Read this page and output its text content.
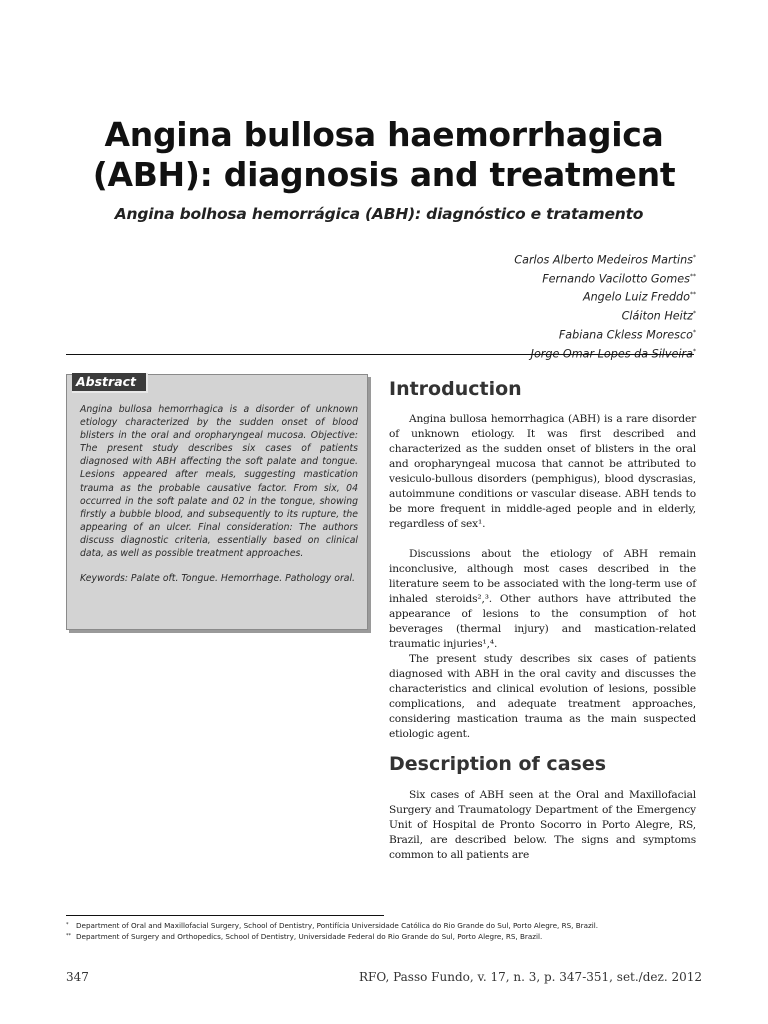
Angina bullosa haemorrhagica
(ABH): diagnosis and treatment
Angina bolhosa hemorrágica (ABH): diagnóstico e tratamento
Carlos Alberto Medeiros Martins*
Fernando Vacilotto Gomes**
Angelo Luiz Freddo**
Cláiton Heitz*
Fabiana Ckless Moresco*
Jorge Omar Lopes da Silveira*
Abstract

Angina bullosa hemorrhagica is a disorder of unknown etiology characterized by the sudden onset of blood blisters in the oral and oropharyngeal mucosa. Objective: The present study describes six cases of patients diagnosed with ABH affecting the soft palate and tongue. Lesions appeared after meals, suggesting mastication trauma as the probable causative factor. From six, 04 occurred in the soft palate and 02 in the tongue, showing firstly a bubble blood, and subsequently to its rupture, the appearing of an ulcer. Final consideration: The authors discuss diagnostic criteria, essentially based on clinical data, as well as possible treatment approaches.

Keywords: Palate oft. Tongue. Hemorrhage. Pathology oral.

Introduction

Angina bullosa hemorrhagica (ABH) is a rare disorder of unknown etiology. It was first described and characterized as the sudden onset of blisters in the oral and oropharyngeal mucosa that cannot be attributed to vesiculo-bullous disorders (pemphigus), blood dyscrasias, autoimmune conditions or vascular disease. ABH tends to be more frequent in middle-aged people and in elderly, regardless of sex¹.

Discussions about the etiology of ABH remain inconclusive, although most cases described in the literature seem to be associated with the long-term use of inhaled steroids²,³. Other authors have attributed the appearance of lesions to the consumption of hot beverages (thermal injury) and mastication-related traumatic injuries¹,⁴.

The present study describes six cases of patients diagnosed with ABH in the oral cavity and discusses the characteristics and clinical evolution of lesions, possible complications, and adequate treatment approaches, considering mastication trauma as the main suspected etiologic agent.

Description of cases

Six cases of ABH seen at the Oral and Maxillofacial Surgery and Traumatology Department of the Emergency Unit of Hospital de Pronto Socorro in Porto Alegre, RS, Brazil, are described below. The signs and symptoms common to all patients are

* Department of Oral and Maxillofacial Surgery, School of Dentistry, Pontifícia Universidade Católica do Rio Grande do Sul, Porto Alegre, RS, Brazil.
** Department of Surgery and Orthopedics, School of Dentistry, Universidade Federal do Rio Grande do Sul, Porto Alegre, RS, Brazil.
347	RFO, Passo Fundo, v. 17, n. 3, p. 347-351, set./dez. 2012
